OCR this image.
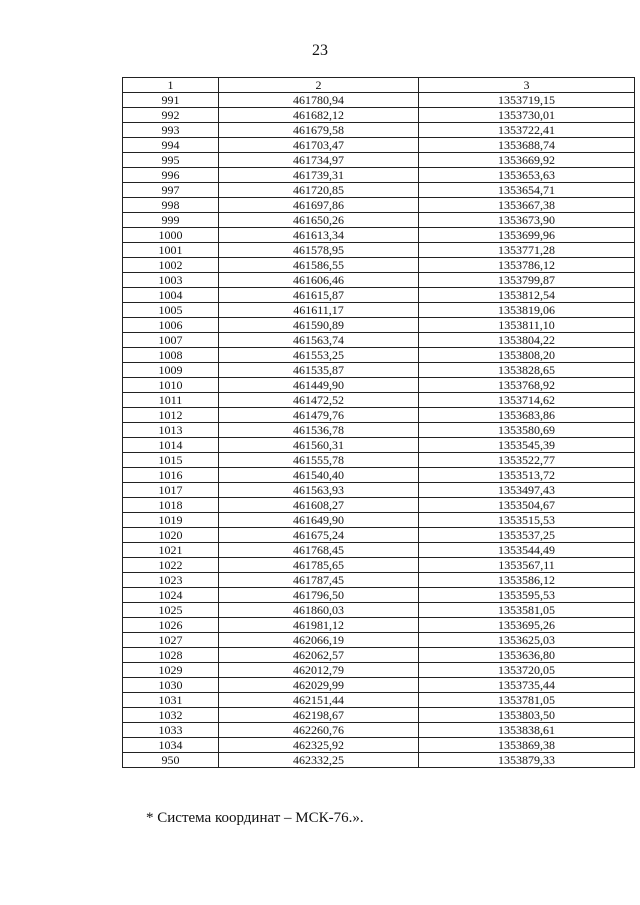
23
1	2	3
991	461780,94	1353719,15
992	461682,12	1353730,01
993	461679,58	1353722,41
994	461703,47	1353688,74
995	461734,97	1353669,92
996	461739,31	1353653,63
997	461720,85	1353654,71
998	461697,86	1353667,38
999	461650,26	1353673,90
1000	461613,34	1353699,96
1001	461578,95	1353771,28
1002	461586,55	1353786,12
1003	461606,46	1353799,87
1004	461615,87	1353812,54
1005	461611,17	1353819,06
1006	461590,89	1353811,10
1007	461563,74	1353804,22
1008	461553,25	1353808,20
1009	461535,87	1353828,65
1010	461449,90	1353768,92
1011	461472,52	1353714,62
1012	461479,76	1353683,86
1013	461536,78	1353580,69
1014	461560,31	1353545,39
1015	461555,78	1353522,77
1016	461540,40	1353513,72
1017	461563,93	1353497,43
1018	461608,27	1353504,67
1019	461649,90	1353515,53
1020	461675,24	1353537,25
1021	461768,45	1353544,49
1022	461785,65	1353567,11
1023	461787,45	1353586,12
1024	461796,50	1353595,53
1025	461860,03	1353581,05
1026	461981,12	1353695,26
1027	462066,19	1353625,03
1028	462062,57	1353636,80
1029	462012,79	1353720,05
1030	462029,99	1353735,44
1031	462151,44	1353781,05
1032	462198,67	1353803,50
1033	462260,76	1353838,61
1034	462325,92	1353869,38
950	462332,25	1353879,33
* Система координат – МСК-76.».
